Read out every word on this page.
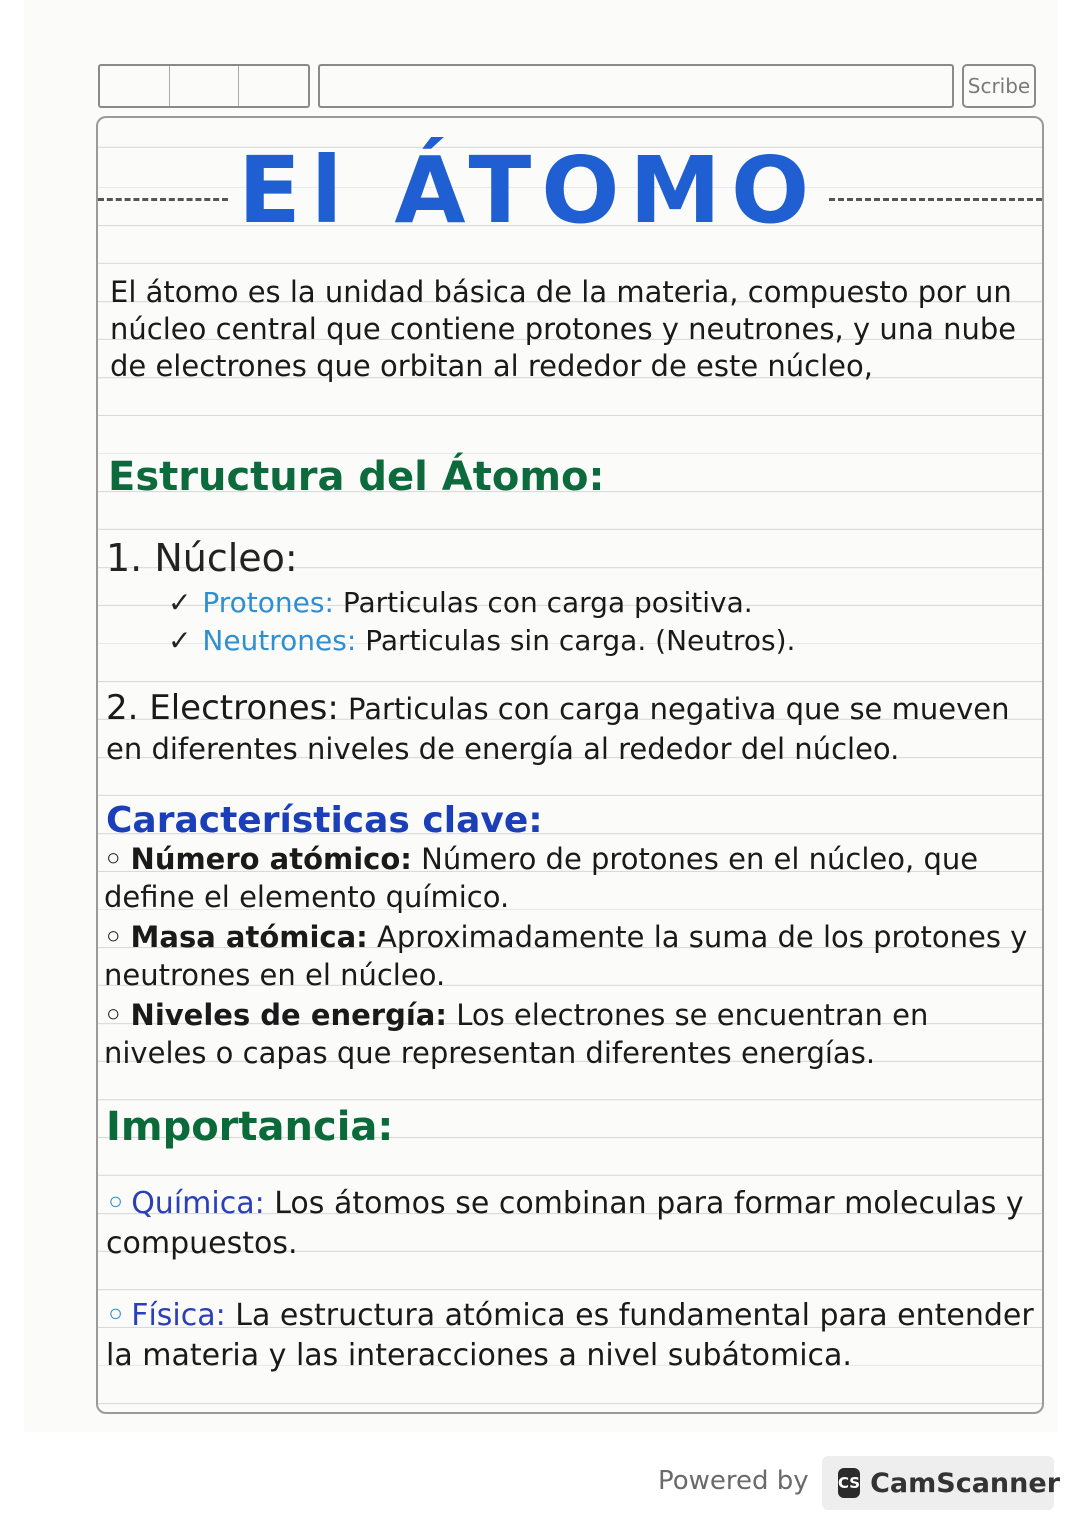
Scribe
El ÁTOMO
El átomo es la unidad básica de la materia, compuesto por un núcleo central que contiene protones y neutrones, y una nube de electrones que orbitan al rededor de este núcleo,
Estructura del Átomo:
1. Núcleo:
✓ Protones: Particulas con carga positiva.
✓ Neutrones: Particulas sin carga. (Neutros).
2. Electrones: Particulas con carga negativa que se mueven en diferentes niveles de energía al rededor del núcleo.
Características clave:
◦ Número atómico: Número de protones en el núcleo, que define el elemento químico.
◦ Masa atómica: Aproximadamente la suma de los protones y neutrones en el núcleo.
◦ Niveles de energía: Los electrones se encuentran en niveles o capas que representan diferentes energías.
Importancia:
◦ Química: Los átomos se combinan para formar moleculas y compuestos.
◦ Física: La estructura atómica es fundamental para entender la materia y las interacciones a nivel subátomica.
Powered by CS CamScanner
